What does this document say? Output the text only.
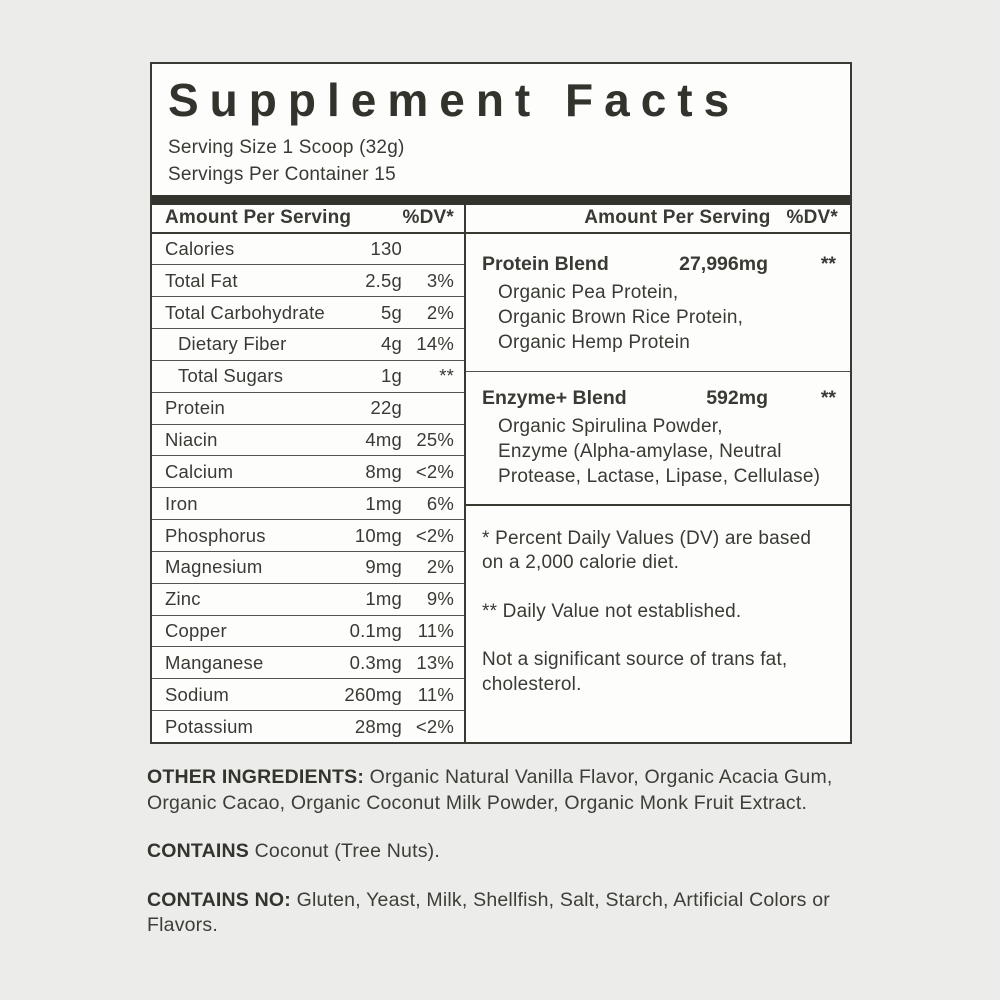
Supplement Facts
Serving Size 1 Scoop (32g)
Servings Per Container 15
Amount Per Serving	%DV*
Calories	130
Total Fat	2.5g	3%
Total Carbohydrate	5g	2%
Dietary Fiber	4g 14%
Total Sugars	1g	**
Protein	22g
Niacin	4mg 25%
Calcium	8mg <2%
Iron	1mg	6%
Phosphorus	10mg <2%
Magnesium	9mg	2%
Zinc	1mg	9%
Copper	0.1mg 11%
Manganese	0.3mg 13%
Sodium	260mg 11%
Potassium	28mg <2%
Amount Per Serving %DV*
Protein Blend	27,996mg	**
Organic Pea Protein,
Organic Brown Rice Protein,
Organic Hemp Protein
Enzyme+ Blend	592mg	**
Organic Spirulina Powder,
Enzyme (Alpha-amylase, Neutral
Protease, Lactase, Lipase, Cellulase)

* Percent Daily Values (DV) are based on a 2,000 calorie diet.

** Daily Value not established.

Not a significant source of trans fat, cholesterol.

OTHER INGREDIENTS: Organic Natural Vanilla Flavor, Organic Acacia Gum, Organic Cacao, Organic Coconut Milk Powder, Organic Monk Fruit Extract.

CONTAINS Coconut (Tree Nuts).

CONTAINS NO: Gluten, Yeast, Milk, Shellfish, Salt, Starch, Artificial Colors or Flavors.
